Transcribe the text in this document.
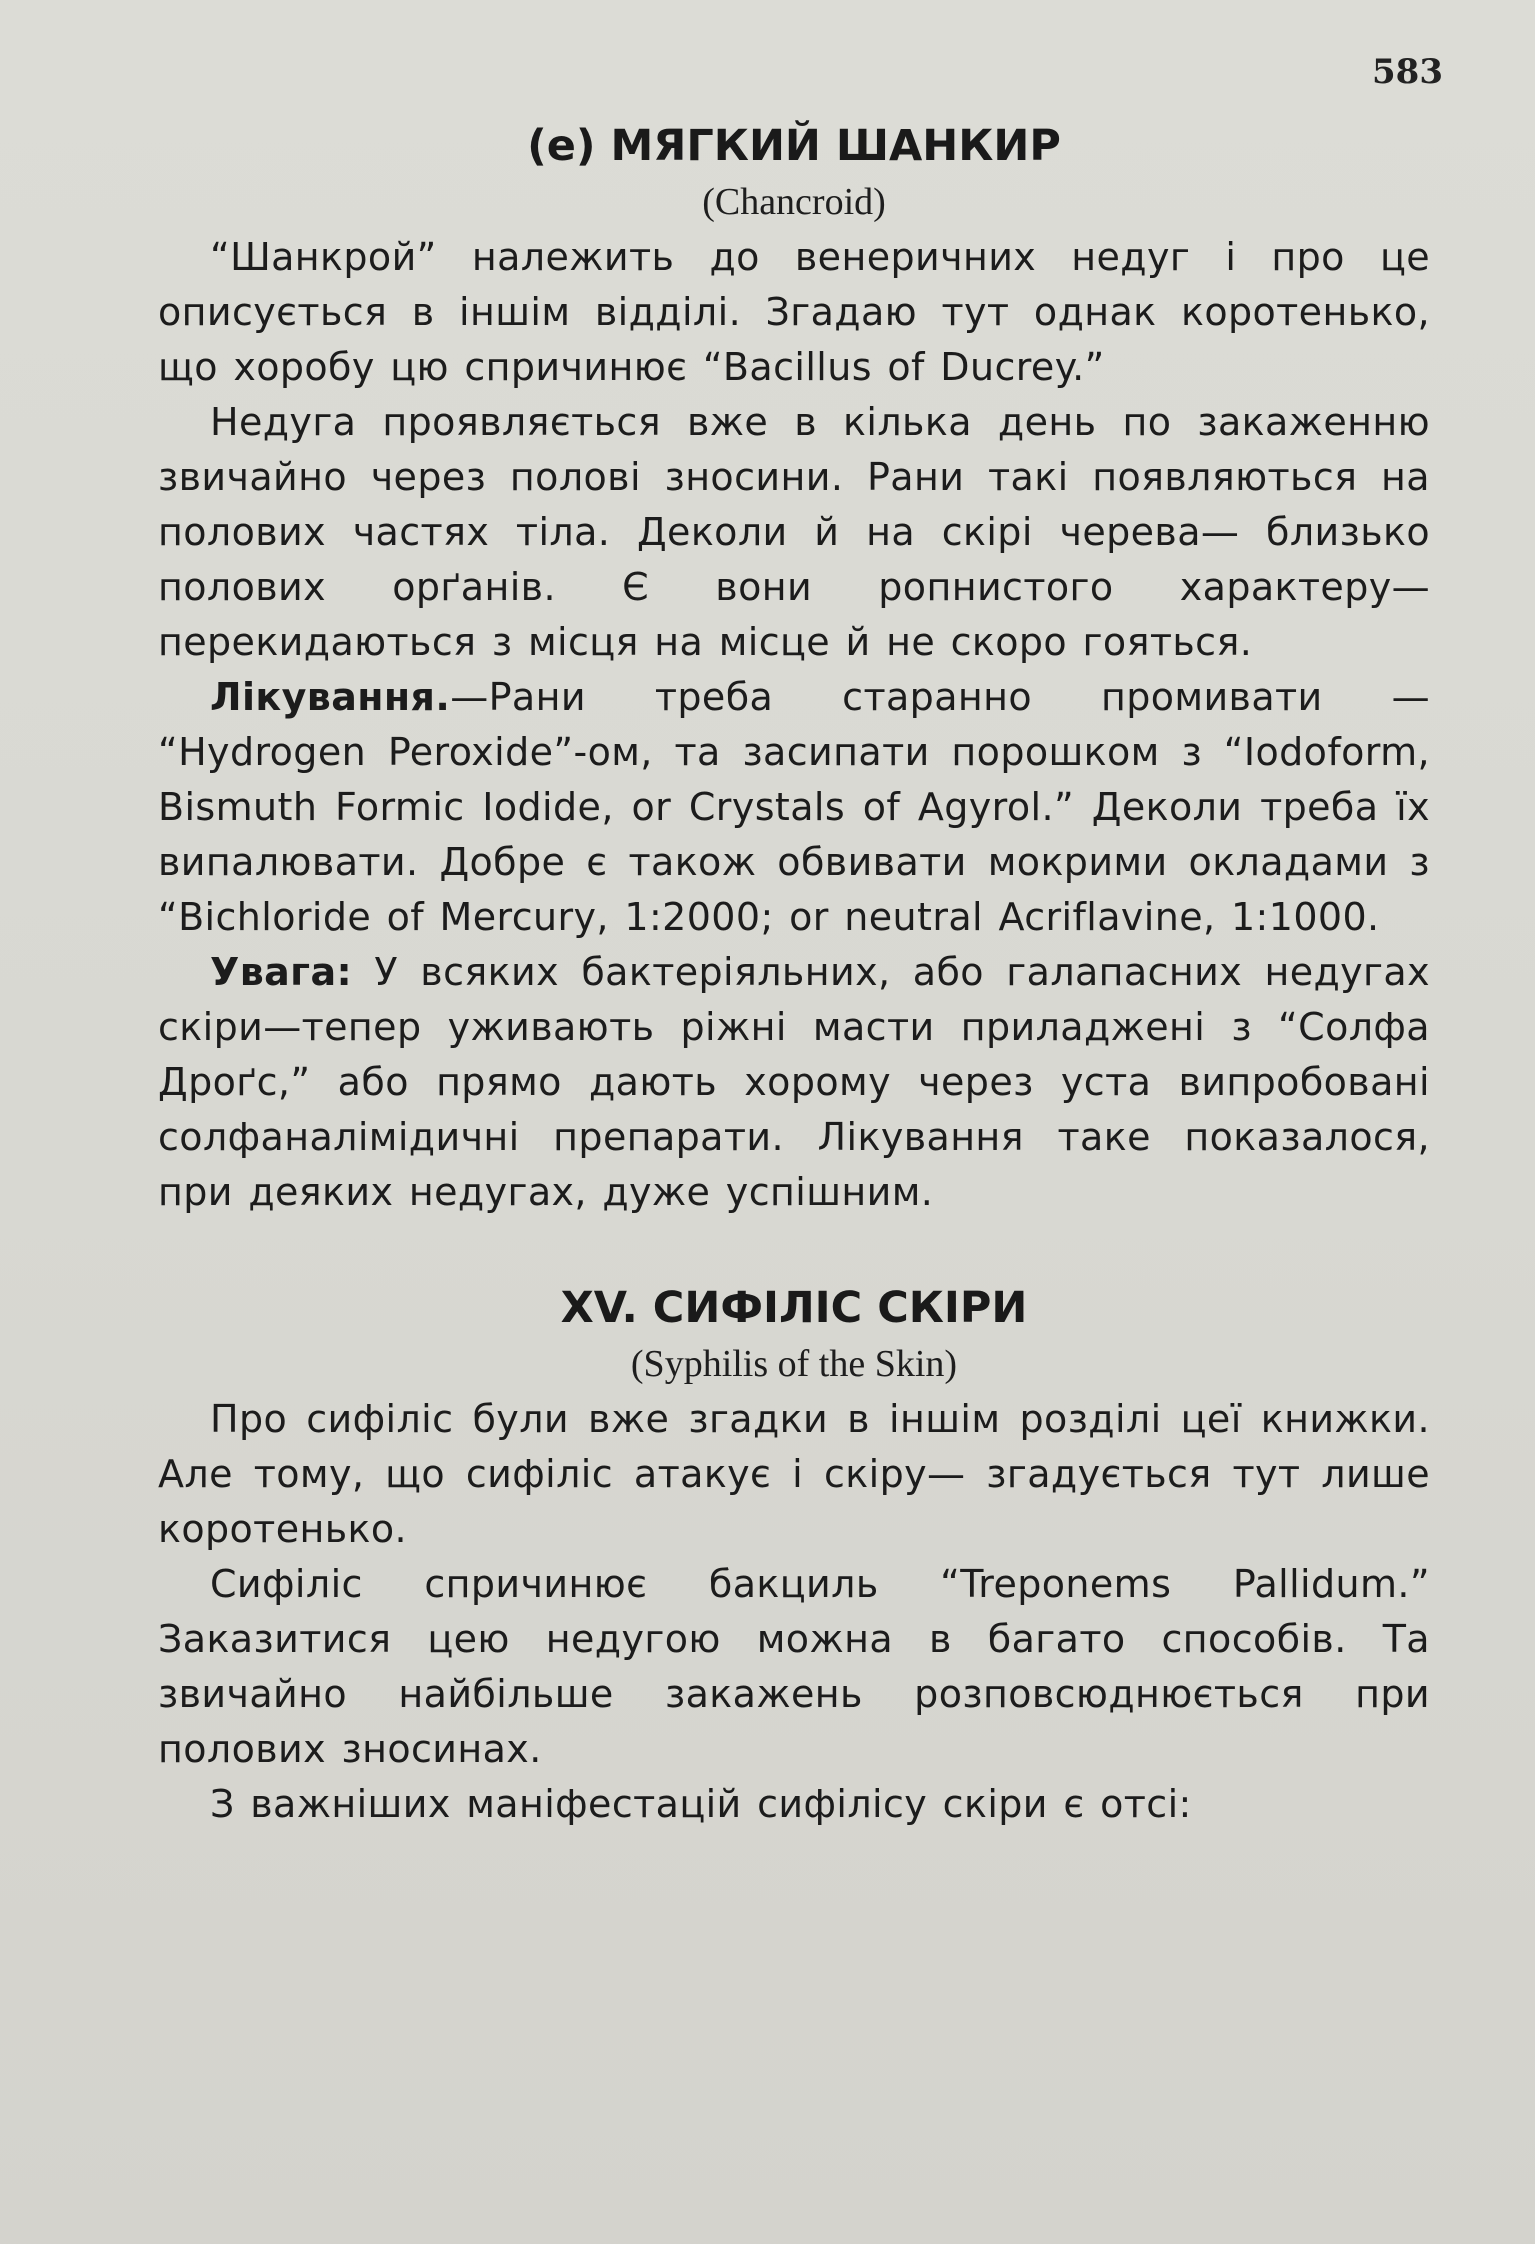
583
(е) МЯГКИЙ ШАНКИР
(Chancroid)

“Шанкрой” належить до венеричних недуг і про це описується в іншім відділі. Згадаю тут однак коротенько, що хоробу цю спричинює “Bacillus of Ducrey.”

Недуга проявляється вже в кілька день по закаженню звичайно через полові зносини. Рани такі появляються на полових частях тіла. Деколи й на скірі черева— близько полових орґанів. Є вони ропнистого характеру—перекидаються з місця на місце й не скоро гояться.

Лікування.—Рани треба старанно промивати — “Hydrogen Peroxide”-ом, та засипати порошком з “Iodoform, Bismuth Formic Iodide, or Crystals of Agyrol.” Деколи треба їх випалювати. Добре є також обвивати мокрими окладами з “Bichloride of Mercury, 1:2000; or neutral Acriflavine, 1:1000.

Увага: У всяких бактеріяльних, або галапасних недугах скіри—тепер уживають ріжні масти приладжені з “Солфа Дроґс,” або прямо дають хорому через уста випробовані солфаналімідичні препарати. Лікування таке показалося, при деяких недугах, дуже успішним.

XV. СИФІЛІС СКІРИ
(Syphilis of the Skin)

Про сифіліс були вже згадки в іншім розділі цеї книжки. Але тому, що сифіліс атакує і скіру— згадується тут лише коротенько.

Сифіліс спричинює бакциль “Treponems Pallidum.” Заказитися цею недугою можна в багато способів. Та звичайно найбільше закажень розповсюднюється при полових зносинах.

З важніших манiфестацій сифілісу скіри є отсі:
